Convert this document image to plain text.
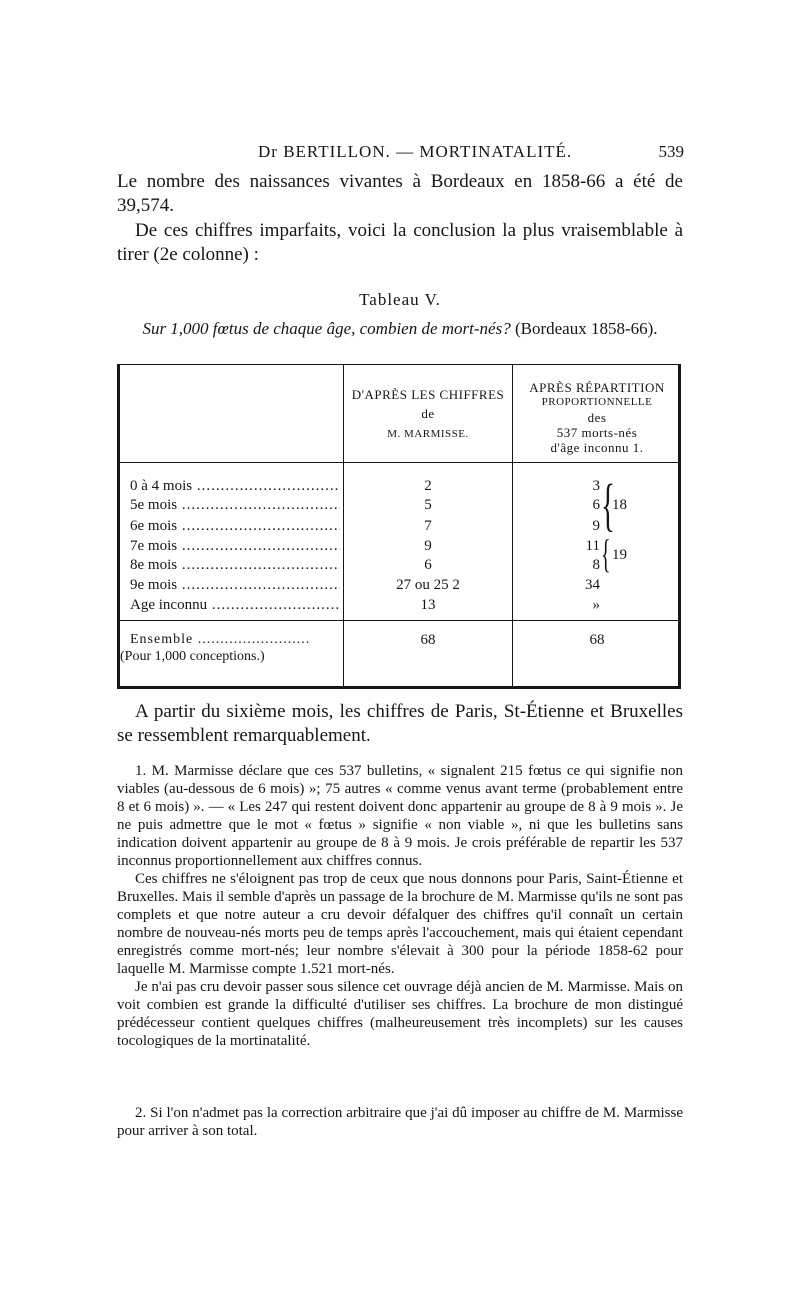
Dr BERTILLON. — MORTINATALITÉ.	539
Le nombre des naissances vivantes à Bordeaux en 1858-66 a été de 39,574.
De ces chiffres imparfaits, voici la conclusion la plus vraisemblable à tirer (2e colonne) :
Tableau V.
Sur 1,000 fœtus de chaque âge, combien de mort-nés? (Bordeaux 1858-66).
D'APRÈS LES CHIFFRES
de
M. MARMISSE.
APRÈS RÉPARTITION
PROPORTIONNELLE
des
537 morts-nés
d'âge inconnu 1.
0 à 4 mois .....
5e mois .....
6e mois .....
7e mois .....
8e mois .....
9e mois .....
Age inconnu .....
2
5
7
9
6
27 ou 25 2
13
3
6
9
11
8
34
»
{
18
{ 19
Ensemble .........................
(Pour 1,000 conceptions.)
68	68
A partir du sixième mois, les chiffres de Paris, St-Étienne et Bruxelles se ressemblent remarquablement.
1. M. Marmisse déclare que ces 537 bulletins, « signalent 215 fœtus ce qui signifie non viables (au-dessous de 6 mois) »; 75 autres « comme venus avant terme (probablement entre 8 et 6 mois) ». — « Les 247 qui restent doivent donc appartenir au groupe de 8 à 9 mois ». Je ne puis admettre que le mot « fœtus » signifie « non viable », ni que les bulletins sans indication doivent appartenir au groupe de 8 à 9 mois. Je crois préférable de repartir les 537 inconnus proportionnellement aux chiffres connus.
Ces chiffres ne s'éloignent pas trop de ceux que nous donnons pour Paris, Saint-Étienne et Bruxelles. Mais il semble d'après un passage de la brochure de M. Marmisse qu'ils ne sont pas complets et que notre auteur a cru devoir défalquer des chiffres qu'il connaît un certain nombre de nouveau-nés morts peu de temps après l'accouchement, mais qui étaient cependant enregistrés comme mort-nés; leur nombre s'élevait à 300 pour la période 1858-62 pour laquelle M. Marmisse compte 1.521 mort-nés.
Je n'ai pas cru devoir passer sous silence cet ouvrage déjà ancien de M. Marmisse. Mais on voit combien est grande la difficulté d'utiliser ses chiffres. La brochure de mon distingué prédécesseur contient quelques chiffres (malheureusement très incomplets) sur les causes tocologiques de la mortinatalité.
2. Si l'on n'admet pas la correction arbitraire que j'ai dû imposer au chiffre de M. Marmisse pour arriver à son total.
